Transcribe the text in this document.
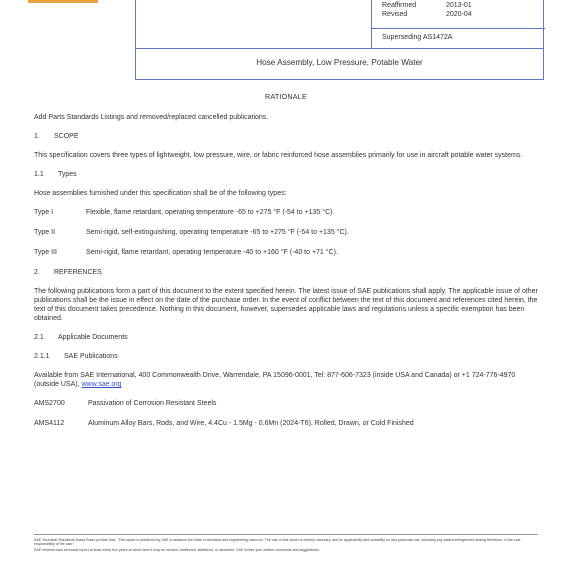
Reaffirmed	2013-01
Revised	2020-04
Superseding AS1472A
Hose Assembly, Low Pressure, Potable Water
RATIONALE
Add Parts Standards Listings and removed/replaced cancelled publications.
1. SCOPE
This specification covers three types of lightweight, low pressure, wire, or fabric reinforced hose assemblies primarily for use in aircraft potable water systems.
1.1 Types
Hose assemblies furnished under this specification shall be of the following types:
Type I	Flexible, flame retardant, operating temperature -65 to +275 °F (-54 to +135 °C).
Type II	Semi-rigid, self-extinguishing, operating temperature -65 to +275 °F (-54 to +135 °C).
Type III	Semi-rigid, flame retardant, operating temperature -40 to +160 °F (-40 to +71 °C).
2. REFERENCES
The following publications form a part of this document to the extent specified herein. The latest issue of SAE publications shall apply. The applicable issue of other publications shall be the issue in effect on the date of the purchase order. In the event of conflict between the text of this document and references cited herein, the text of this document takes precedence. Nothing in this document, however, supersedes applicable laws and regulations unless a specific exemption has been obtained.
2.1 Applicable Documents
2.1.1 SAE Publications
Available from SAE International, 400 Commonwealth Drive, Warrendale, PA 15096-0001, Tel: 877-606-7323 (inside USA and Canada) or +1 724-776-4970 (outside USA), www.sae.org
AMS2700	Passivation of Corrosion Resistant Steels
AMS4112	Aluminum Alloy Bars, Rods, and Wire, 4.4Cu - 1.5Mg - 0.6Mn (2024-T6), Rolled, Drawn, or Cold Finished
SAE Technical Standards Board Rules provide that: "This report is published by SAE to advance the state of technical and engineering sciences. The use of this report is entirely voluntary, and its applicability and suitability for any particular use, including any patent infringement arising therefrom, is the sole responsibility of the user."
SAE reviews each technical report at least every five years at which time it may be revised, reaffirmed, stabilized, or cancelled. SAE invites your written comments and suggestions.
